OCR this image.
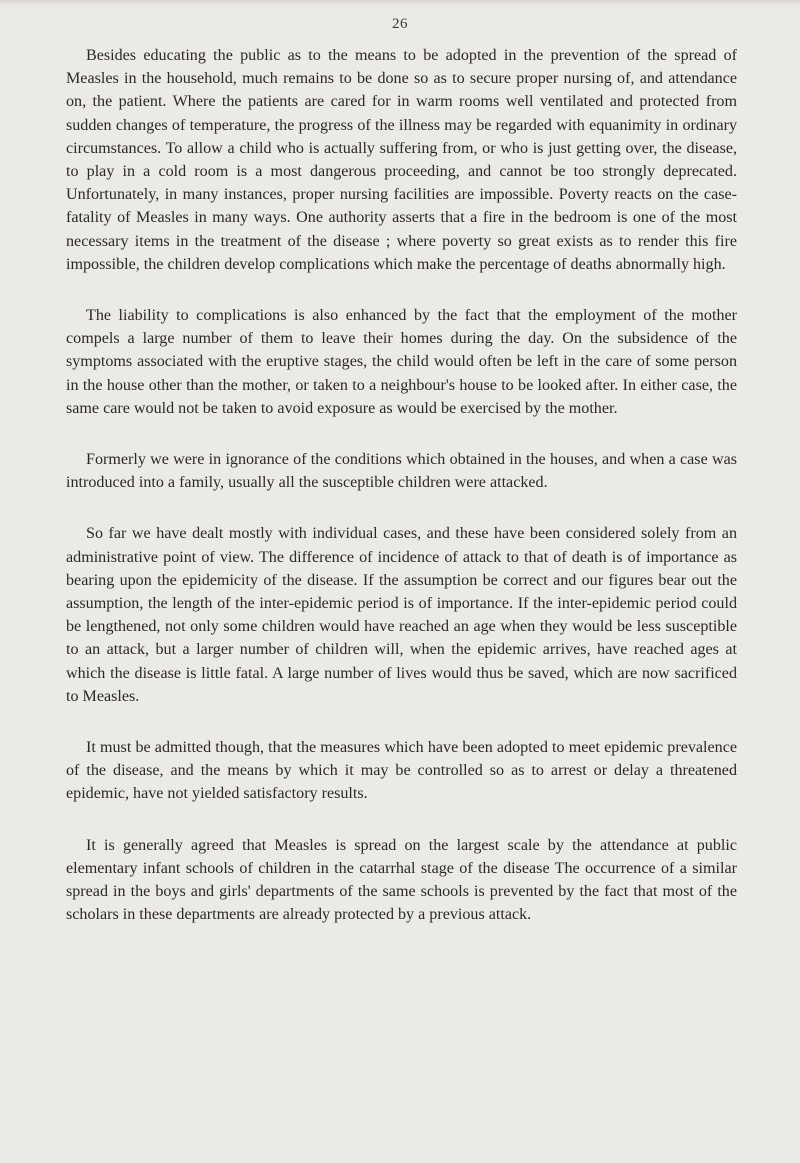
26

Besides educating the public as to the means to be adopted in the prevention of the spread of Measles in the household, much remains to be done so as to secure proper nursing of, and attendance on, the patient. Where the patients are cared for in warm rooms well ventilated and protected from sudden changes of temperature, the progress of the illness may be regarded with equanimity in ordinary circumstances. To allow a child who is actually suffering from, or who is just getting over, the disease, to play in a cold room is a most dangerous proceeding, and cannot be too strongly deprecated. Unfortunately, in many instances, proper nursing facilities are impossible. Poverty reacts on the case-fatality of Measles in many ways. One authority asserts that a fire in the bedroom is one of the most necessary items in the treatment of the disease ; where poverty so great exists as to render this fire impossible, the children develop complications which make the percentage of deaths abnormally high.

The liability to complications is also enhanced by the fact that the employment of the mother compels a large number of them to leave their homes during the day. On the subsidence of the symptoms associated with the eruptive stages, the child would often be left in the care of some person in the house other than the mother, or taken to a neighbour's house to be looked after. In either case, the same care would not be taken to avoid exposure as would be exercised by the mother.

Formerly we were in ignorance of the conditions which obtained in the houses, and when a case was introduced into a family, usually all the susceptible children were attacked.

So far we have dealt mostly with individual cases, and these have been considered solely from an administrative point of view. The difference of incidence of attack to that of death is of importance as bearing upon the epidemicity of the disease. If the assumption be correct and our figures bear out the assumption, the length of the inter-epidemic period is of importance. If the inter-epidemic period could be lengthened, not only some children would have reached an age when they would be less susceptible to an attack, but a larger number of children will, when the epidemic arrives, have reached ages at which the disease is little fatal. A large number of lives would thus be saved, which are now sacrificed to Measles.

It must be admitted though, that the measures which have been adopted to meet epidemic prevalence of the disease, and the means by which it may be controlled so as to arrest or delay a threatened epidemic, have not yielded satisfactory results.

It is generally agreed that Measles is spread on the largest scale by the attendance at public elementary infant schools of children in the catarrhal stage of the disease The occurrence of a similar spread in the boys and girls' departments of the same schools is prevented by the fact that most of the scholars in these departments are already protected by a previous attack.
